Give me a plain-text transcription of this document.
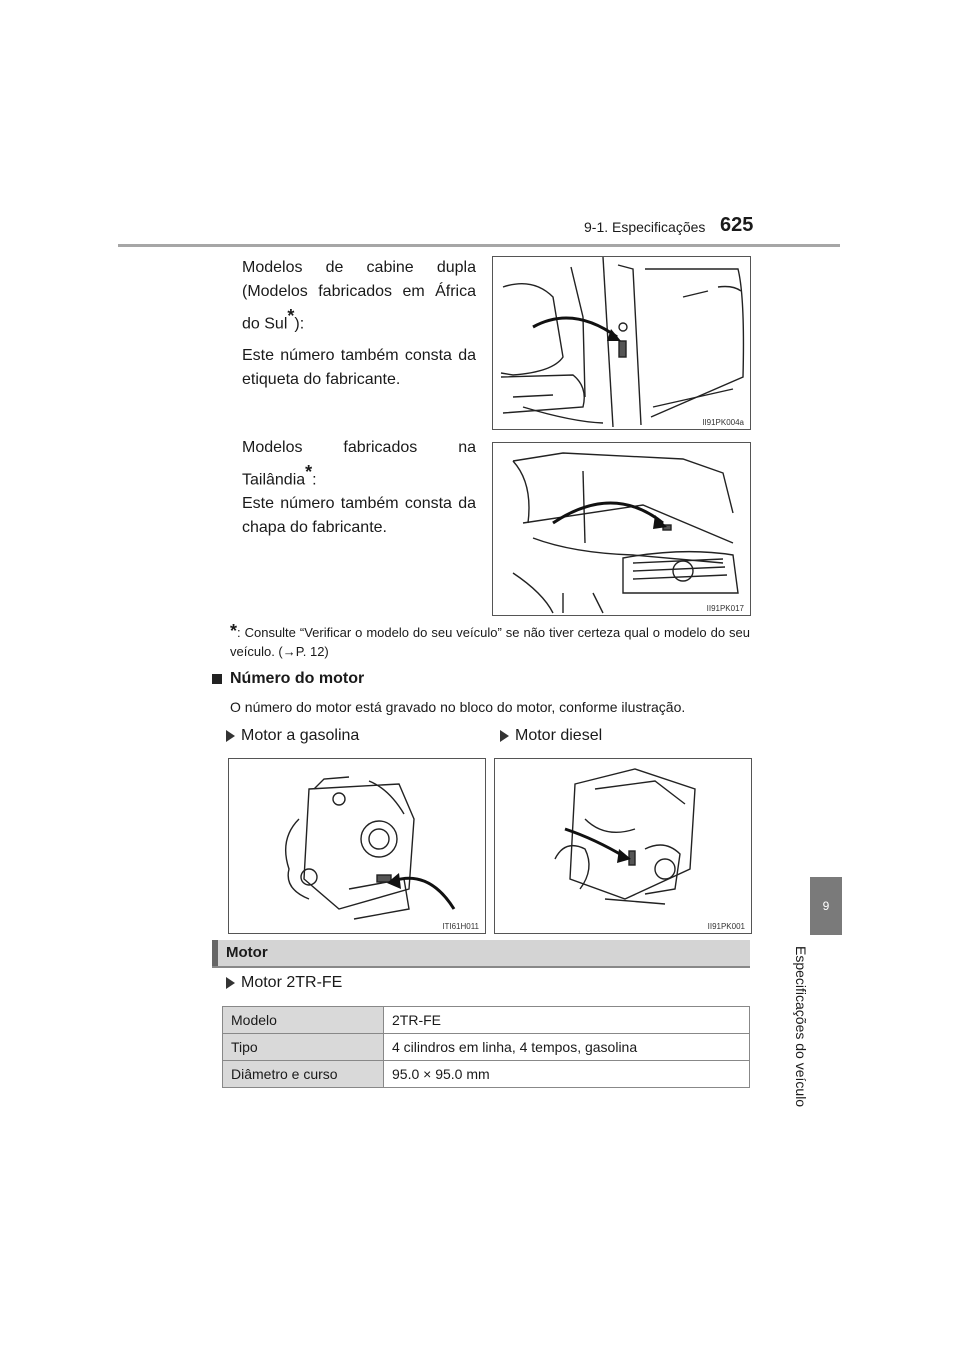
9-1. Especificações 625
9
Especificações do veículo
Modelos de cabine dupla (Modelos fabricados em África do Sul*):
Este número também consta da etiqueta do fabricante.
II91PK004a
Modelos fabricados na Tailândia*:
Este número também consta da chapa do fabricante.
II91PK017
*: Consulte “Verificar o modelo do seu veículo” se não tiver certeza qual o modelo do seu veículo. (→P. 12)
Número do motor
O número do motor está gravado no bloco do motor, conforme ilustração.
Motor a gasolina	Motor diesel
ITI61H011	II91PK001
Motor
Motor 2TR-FE
Modelo	2TR-FE
Tipo	4 cilindros em linha, 4 tempos, gasolina
Diâmetro e curso	95.0 × 95.0 mm
